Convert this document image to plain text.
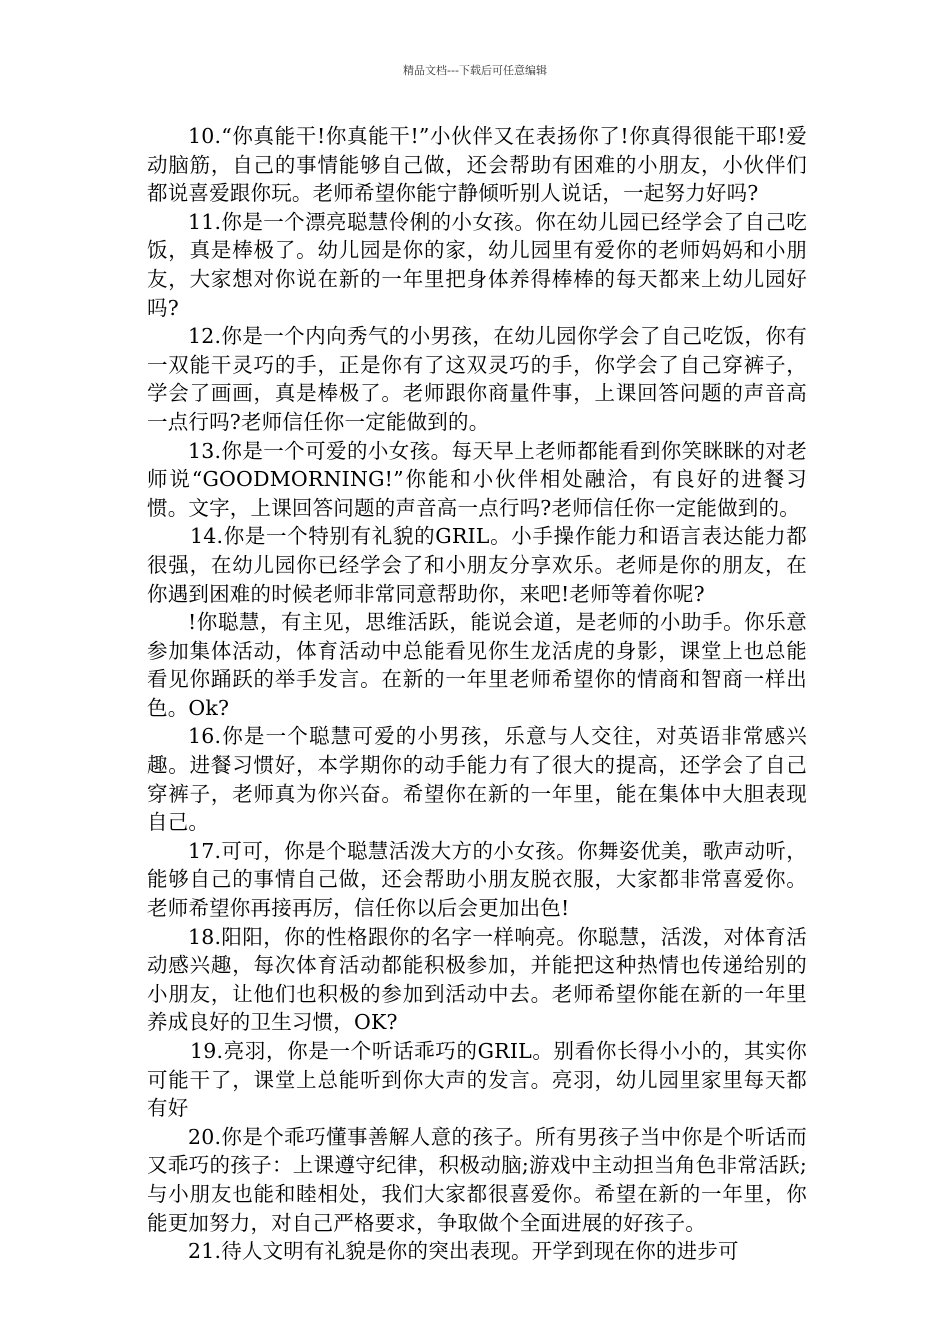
精品文档---下载后可任意编辑

10.“你真能干!你真能干!”小伙伴又在表扬你了!你真得很能干耶!爱动脑筋，自己的事情能够自己做，还会帮助有困难的小朋友，小伙伴们都说喜爱跟你玩。老师希望你能宁静倾听别人说话，一起努力好吗?

11.你是一个漂亮聪慧伶俐的小女孩。你在幼儿园已经学会了自己吃饭，真是棒极了。幼儿园是你的家，幼儿园里有爱你的老师妈妈和小朋友，大家想对你说在新的一年里把身体养得棒棒的每天都来上幼儿园好吗?

12.你是一个内向秀气的小男孩，在幼儿园你学会了自己吃饭，你有一双能干灵巧的手，正是你有了这双灵巧的手，你学会了自己穿裤子，学会了画画，真是棒极了。老师跟你商量件事，上课回答问题的声音高一点行吗?老师信任你一定能做到的。

13.你是一个可爱的小女孩。每天早上老师都能看到你笑眯眯的对老师说“GOODMORNING!”你能和小伙伴相处融洽，有良好的进餐习惯。文字，上课回答问题的声音高一点行吗?老师信任你一定能做到的。

14.你是一个特别有礼貌的GRIL。小手操作能力和语言表达能力都很强，在幼儿园你已经学会了和小朋友分享欢乐。老师是你的朋友，在你遇到困难的时候老师非常同意帮助你，来吧!老师等着你呢?

!你聪慧，有主见，思维活跃，能说会道，是老师的小助手。你乐意参加集体活动，体育活动中总能看见你生龙活虎的身影，课堂上也总能看见你踊跃的举手发言。在新的一年里老师希望你的情商和智商一样出色。Ok?

16.你是一个聪慧可爱的小男孩，乐意与人交往，对英语非常感兴趣。进餐习惯好，本学期你的动手能力有了很大的提高，还学会了自己穿裤子，老师真为你兴奋。希望你在新的一年里，能在集体中大胆表现自己。

17.可可，你是个聪慧活泼大方的小女孩。你舞姿优美，歌声动听，能够自己的事情自己做，还会帮助小朋友脱衣服，大家都非常喜爱你。老师希望你再接再厉，信任你以后会更加出色!

18.阳阳，你的性格跟你的名字一样响亮。你聪慧，活泼，对体育活动感兴趣，每次体育活动都能积极参加，并能把这种热情也传递给别的小朋友，让他们也积极的参加到活动中去。老师希望你能在新的一年里养成良好的卫生习惯，OK?

19.亮羽，你是一个听话乖巧的GRIL。别看你长得小小的，其实你可能干了，课堂上总能听到你大声的发言。亮羽，幼儿园里家里每天都有好

20.你是个乖巧懂事善解人意的孩子。所有男孩子当中你是个听话而又乖巧的孩子：上课遵守纪律，积极动脑;游戏中主动担当角色非常活跃;与小朋友也能和睦相处，我们大家都很喜爱你。希望在新的一年里，你能更加努力，对自己严格要求，争取做个全面进展的好孩子。

21.待人文明有礼貌是你的突出表现。开学到现在你的进步可
